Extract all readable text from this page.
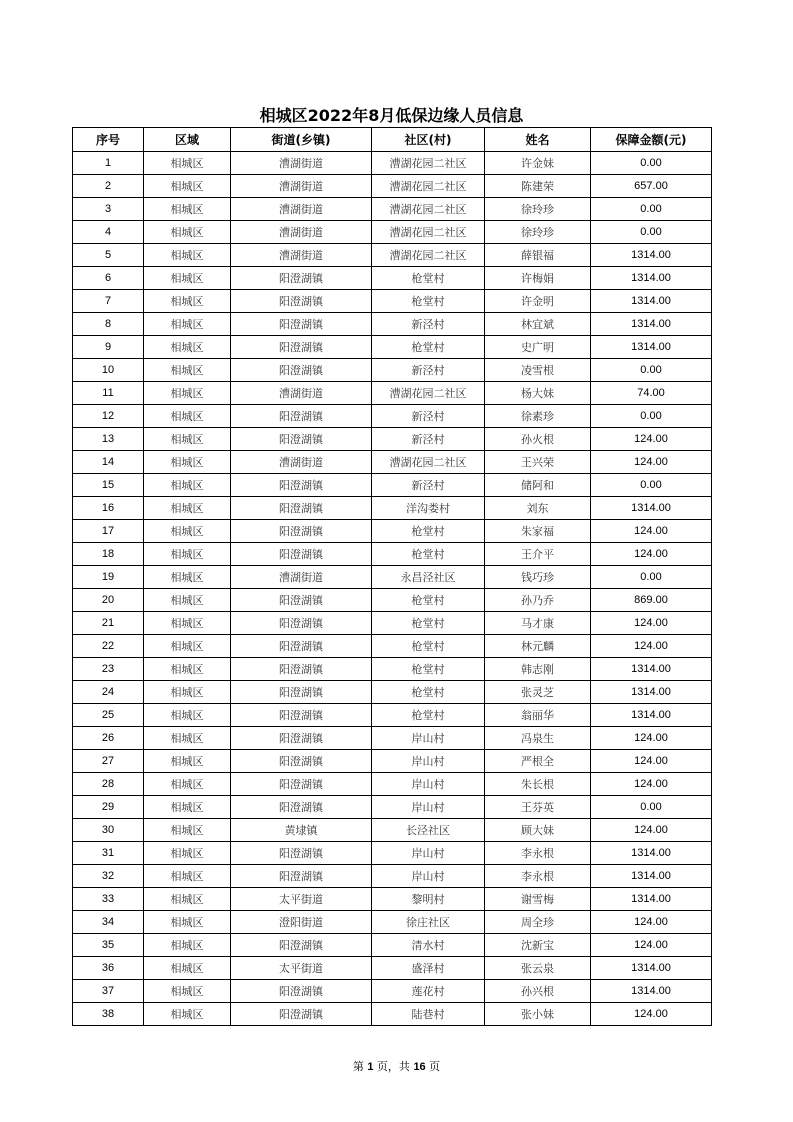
相城区2022年8月低保边缘人员信息
序号	区域	街道(乡镇)	社区(村)	姓名	保障金额(元)
1	相城区	漕湖街道	漕湖花园二社区	许金妹	0.00
2	相城区	漕湖街道	漕湖花园二社区	陈建荣	657.00
3	相城区	漕湖街道	漕湖花园二社区	徐玲珍	0.00
4	相城区	漕湖街道	漕湖花园二社区	徐玲珍	0.00
5	相城区	漕湖街道	漕湖花园二社区	薛银福	1314.00
6	相城区	阳澄湖镇	枪堂村	许梅娟	1314.00
7	相城区	阳澄湖镇	枪堂村	许金明	1314.00
8	相城区	阳澄湖镇	新泾村	林宜斌	1314.00
9	相城区	阳澄湖镇	枪堂村	史广明	1314.00
10	相城区	阳澄湖镇	新泾村	凌雪根	0.00
11	相城区	漕湖街道	漕湖花园二社区	杨大妹	74.00
12	相城区	阳澄湖镇	新泾村	徐素珍	0.00
13	相城区	阳澄湖镇	新泾村	孙火根	124.00
14	相城区	漕湖街道	漕湖花园二社区	王兴荣	124.00
15	相城区	阳澄湖镇	新泾村	储阿和	0.00
16	相城区	阳澄湖镇	洋沟娄村	刘东	1314.00
17	相城区	阳澄湖镇	枪堂村	朱家福	124.00
18	相城区	阳澄湖镇	枪堂村	王介平	124.00
19	相城区	漕湖街道	永昌泾社区	钱巧珍	0.00
20	相城区	阳澄湖镇	枪堂村	孙乃乔	869.00
21	相城区	阳澄湖镇	枪堂村	马才康	124.00
22	相城区	阳澄湖镇	枪堂村	林元麟	124.00
23	相城区	阳澄湖镇	枪堂村	韩志刚	1314.00
24	相城区	阳澄湖镇	枪堂村	张灵芝	1314.00
25	相城区	阳澄湖镇	枪堂村	翁丽华	1314.00
26	相城区	阳澄湖镇	岸山村	冯泉生	124.00
27	相城区	阳澄湖镇	岸山村	严根全	124.00
28	相城区	阳澄湖镇	岸山村	朱长根	124.00
29	相城区	阳澄湖镇	岸山村	王芬英	0.00
30	相城区	黄埭镇	长泾社区	顾大妹	124.00
31	相城区	阳澄湖镇	岸山村	李永根	1314.00
32	相城区	阳澄湖镇	岸山村	李永根	1314.00
33	相城区	太平街道	黎明村	谢雪梅	1314.00
34	相城区	澄阳街道	徐庄社区	周全珍	124.00
35	相城区	阳澄湖镇	清水村	沈新宝	124.00
36	相城区	太平街道	盛泽村	张云泉	1314.00
37	相城区	阳澄湖镇	莲花村	孙兴根	1314.00
38	相城区	阳澄湖镇	陆巷村	张小妹	124.00
第 1 页，共 16 页
